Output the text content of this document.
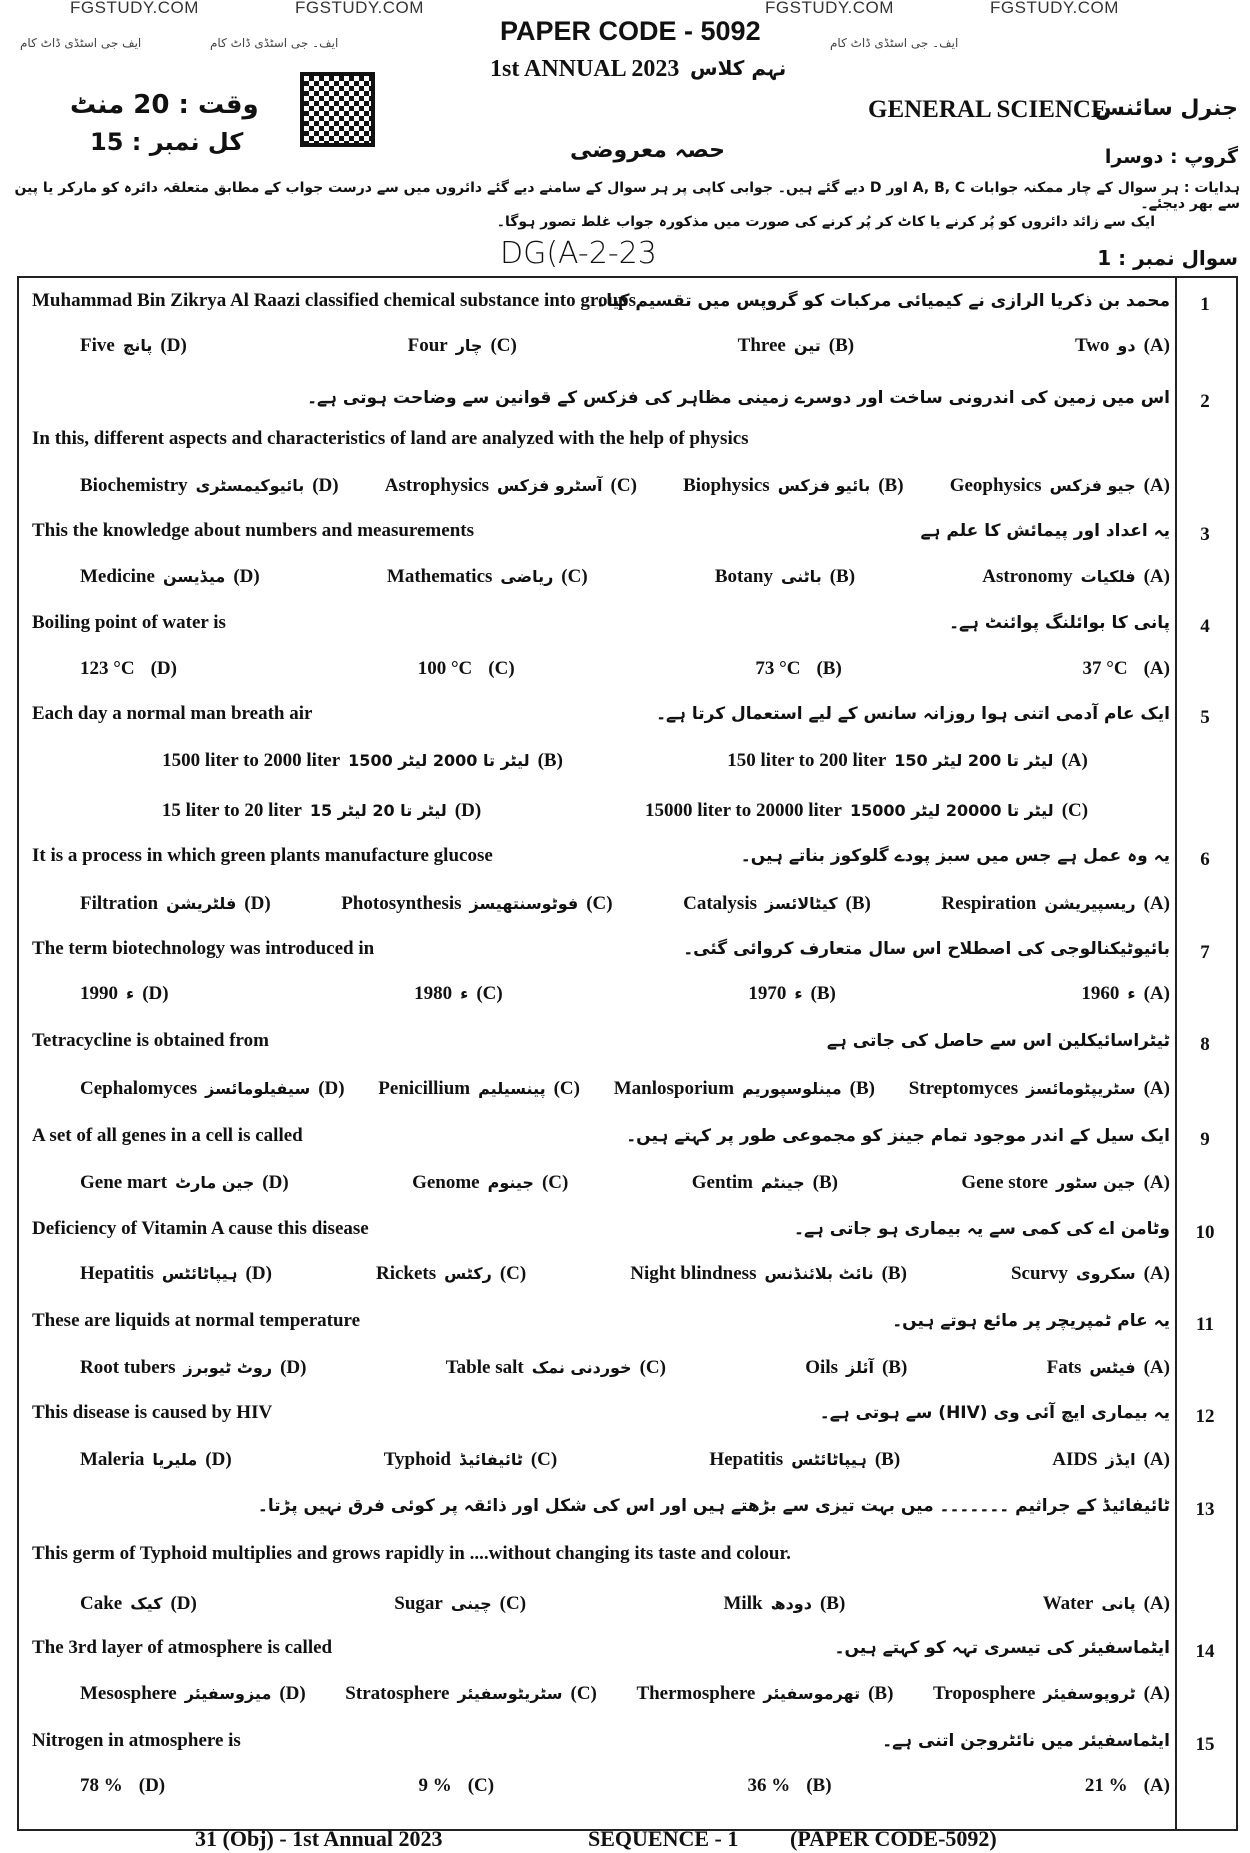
FGSTUDY.COM	FGSTUDY.COM	FGSTUDY.COM	FGSTUDY.COM
ایف جی اسٹڈی ڈاٹ کام	ایف۔ جی اسٹڈی ڈاٹ کام	ایف۔ جی اسٹڈی ڈاٹ کام
PAPER CODE - 5092
1st ANNUAL 2023 نہم کلاس
وقت : 20 منٹ
کل نمبر : 15
GENERAL SCIENCE
جنرل سائنس
حصہ معروضی	گروپ : دوسرا
ہدایات : ہر سوال کے چار ممکنہ جوابات A, B, C اور D دیے گئے ہیں۔ جوابی کاپی پر ہر سوال کے سامنے دیے گئے دائروں میں سے درست جواب کے مطابق متعلقہ دائرہ کو مارکر یا پین سے بھر دیجئے۔
ایک سے زائد دائروں کو پُر کرنے یا کاٹ کر پُر کرنے کی صورت میں مذکورہ جواب غلط تصور ہوگا۔
DG(A-2-23	سوال نمبر : 1
Muhammad Bin Zikrya Al Raazi classified chemical substance into groups
محمد بن ذکریا الرازی نے کیمیائی مرکبات کو گروپس میں تقسیم کیا۔
(A)
دو
Two
(B)
تین
Three
(C)
چار
Four
(D)
پانچ
Five
In this, different aspects and characteristics of land are analyzed with the help of physics
اس میں زمین کی اندرونی ساخت اور دوسرے زمینی مظاہر کی فزکس کے قوانین سے وضاحت ہوتی ہے۔
(A)
جیو فزکس
Geophysics
(B)
بائیو فزکس
Biophysics
(C)
آسٹرو فزکس
Astrophysics
(D)
بائیوکیمسٹری
Biochemistry
This the knowledge about numbers and measurements	یہ اعداد اور پیمائش کا علم ہے
(A)
فلکیات
Astronomy
(B)
باٹنی
Botany
(C)
ریاضی
Mathematics
(D)
میڈیسن
Medicine
Boiling point of water is	پانی کا بوائلنگ پوائنٹ ہے۔
(A)
37 °C
(B)
73 °C
(C)
100 °C
(D)
123 °C
Each day a normal man breath air	ایک عام آدمی اتنی ہوا روزانہ سانس کے لیے استعمال کرتا ہے۔
(A)
150 لیٹر تا 200 لیٹر
150 liter to 200 liter
(B)
1500 لیٹر تا 2000 لیٹر
1500 liter to 2000 liter
(C)
15000 لیٹر تا 20000 لیٹر
15000 liter to 20000 liter
(D)
15 لیٹر تا 20 لیٹر
15 liter to 20 liter
It is a process in which green plants manufacture glucose	یہ وہ عمل ہے جس میں سبز پودے گلوکوز بناتے ہیں۔
(A)
ریسپیریشن
Respiration
(B)
کیٹالائسز
Catalysis
(C)
فوٹوسنتھیسز
Photosynthesis
(D)
فلٹریشن
Filtration
The term biotechnology was introduced in	بائیوٹیکنالوجی کی اصطلاح اس سال متعارف کروائی گئی۔
(A)
ء
1960
(B)
ء
1970
(C)
ء
1980
(D)
ء
1990
Tetracycline is obtained from	ٹیٹراسائیکلین اس سے حاصل کی جاتی ہے
(A)
سٹریپٹومائسز
Streptomyces
(B)
مینلوسپوریم
Manlosporium
(C)
پینسیلیم
Penicillium
(D)
سیفیلومائسز
Cephalomyces
A set of all genes in a cell is called	ایک سیل کے اندر موجود تمام جینز کو مجموعی طور پر کہتے ہیں۔
(A)
جین سٹور
Gene store
(B)
جینٹم
Gentim
(C)
جینوم
Genome
(D)
جین مارٹ
Gene mart
Deficiency of Vitamin A cause this disease	وٹامن اے کی کمی سے یہ بیماری ہو جاتی ہے۔
(A)
سکروی
Scurvy
(B)
نائٹ بلائنڈنس
Night blindness
(C)
رکٹس
Rickets
(D)
ہیپاٹائٹس
Hepatitis
These are liquids at normal temperature	یہ عام ٹمپریچر پر مائع ہوتے ہیں۔
(A)
فیٹس
Fats
(B)
آئلز
Oils
(C)
خوردنی نمک
Table salt
(D)
روٹ ٹیوبرز
Root tubers
This disease is caused by HIV	یہ بیماری ایچ آئی وی (HIV) سے ہوتی ہے۔
(A)
ایڈز
AIDS
(B)
ہیپاٹائٹس
Hepatitis
(C)
ٹائیفائیڈ
Typhoid
(D)
ملیریا
Maleria
This germ of Typhoid multiplies and grows rapidly in ....without changing its taste and colour.
ٹائیفائیڈ کے جراثیم ۔۔۔۔۔۔۔ میں بہت تیزی سے بڑھتے ہیں اور اس کی شکل اور ذائقہ پر کوئی فرق نہیں پڑتا۔
(A)
پانی
Water
(B)
دودھ
Milk
(C)
چینی
Sugar
(D)
کیک
Cake
The 3rd layer of atmosphere is called	ایٹماسفیئر کی تیسری تہہ کو کہتے ہیں۔
(A)
ٹروپوسفیئر
Troposphere
(B)
تھرموسفیئر
Thermosphere
(C)
سٹریٹوسفیئر
Stratosphere
(D)
میزوسفیئر
Mesosphere
Nitrogen in atmosphere is	ایٹماسفیئر میں نائٹروجن اتنی ہے۔
(A)
21 %
(B)
36 %
(C)
9 %
(D)
78 %
31 (Obj) - 1st Annual 2023	SEQUENCE - 1 (PAPER CODE-5092)
1
2
3
4
5
6
7
8
9
10
11
12
13
14
15
